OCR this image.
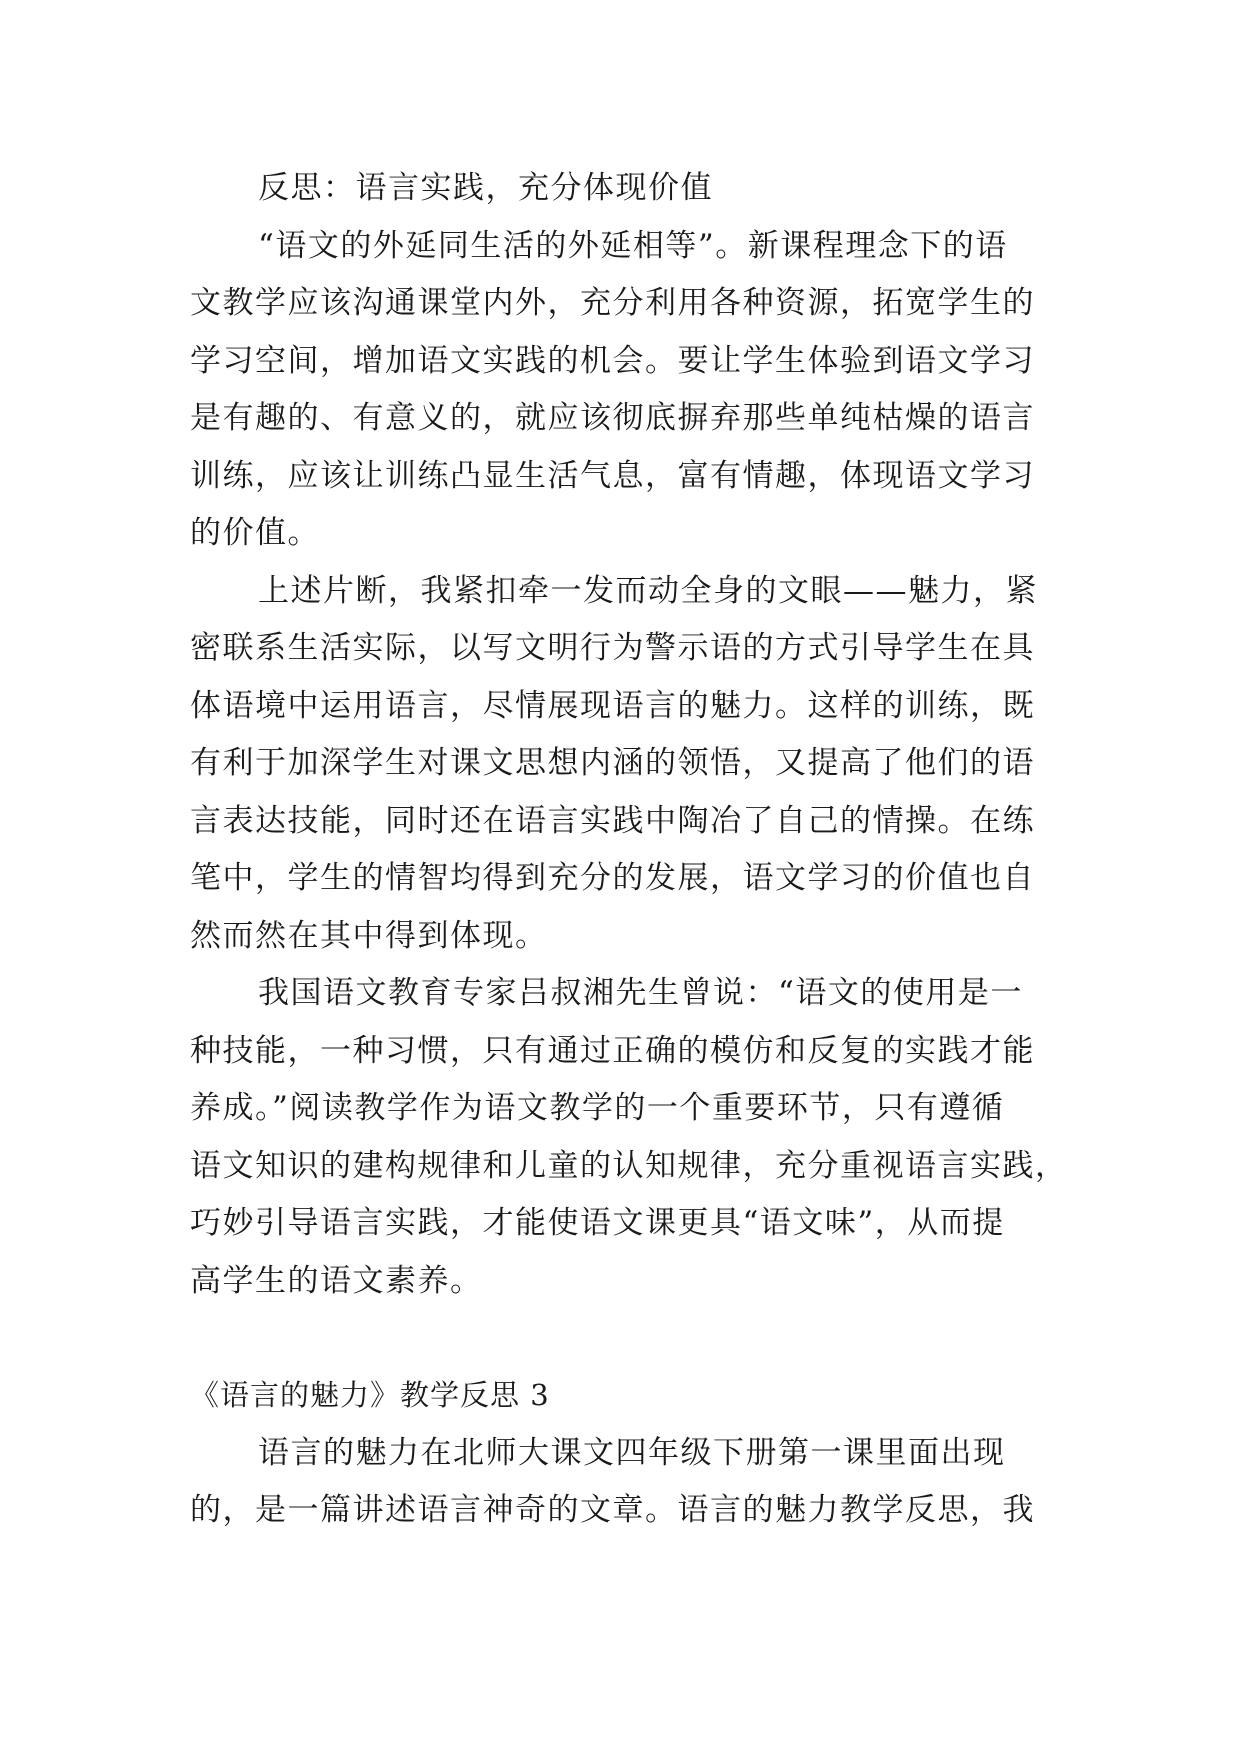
反思：语言实践，充分体现价值

“语文的外延同生活的外延相等”。新课程理念下的语

文教学应该沟通课堂内外，充分利用各种资源，拓宽学生的

学习空间，增加语文实践的机会。要让学生体验到语文学习

是有趣的、有意义的，就应该彻底摒弃那些单纯枯燥的语言

训练，应该让训练凸显生活气息，富有情趣，体现语文学习

的价值。

上述片断，我紧扣牵一发而动全身的文眼——魅力，紧

密联系生活实际，以写文明行为警示语的方式引导学生在具

体语境中运用语言，尽情展现语言的魅力。这样的训练，既

有利于加深学生对课文思想内涵的领悟，又提高了他们的语

言表达技能，同时还在语言实践中陶冶了自己的情操。在练

笔中，学生的情智均得到充分的发展，语文学习的价值也自

然而然在其中得到体现。

我国语文教育专家吕叔湘先生曾说：“语文的使用是一

种技能，一种习惯，只有通过正确的模仿和反复的实践才能

养成。”阅读教学作为语文教学的一个重要环节，只有遵循

语文知识的建构规律和儿童的认知规律，充分重视语言实践，

巧妙引导语言实践，才能使语文课更具“语文味”，从而提

高学生的语文素养。

《语言的魅力》教学反思 3

语言的魅力在北师大课文四年级下册第一课里面出现

的，是一篇讲述语言神奇的文章。语言的魅力教学反思，我
